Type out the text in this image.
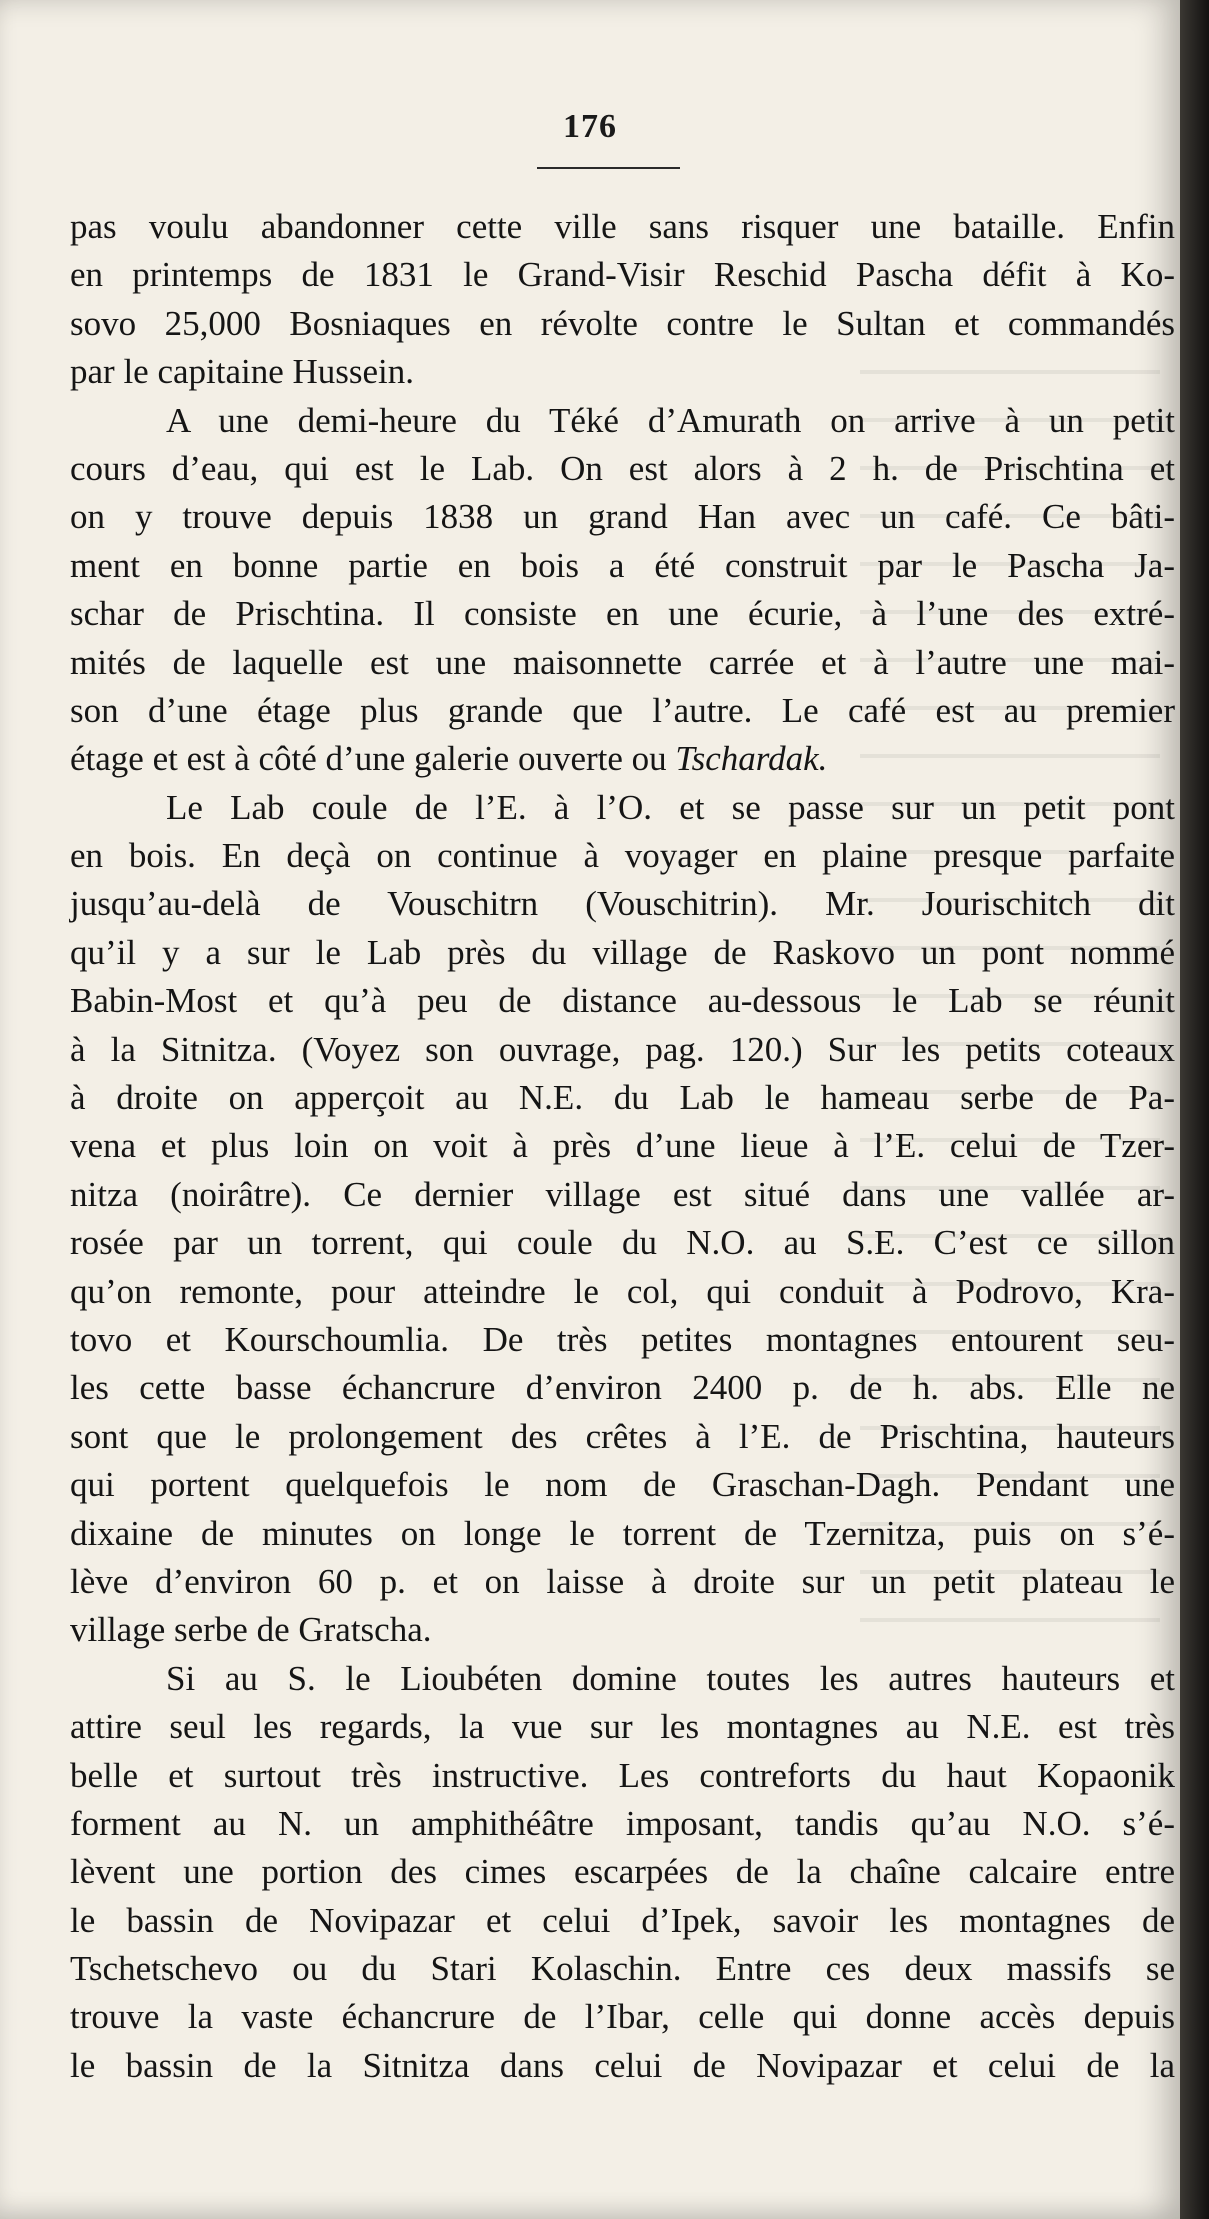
176
pas voulu abandonner cette ville sans risquer une bataille. Enfin
en printemps de 1831 le Grand-Visir Reschid Pascha défit à Ko-
sovo 25,000 Bosniaques en révolte contre le Sultan et commandés
par le capitaine Hussein.
A une demi-heure du Téké d’Amurath on arrive à un petit
cours d’eau, qui est le Lab. On est alors à 2 h. de Prischtina et
on y trouve depuis 1838 un grand Han avec un café. Ce bâti-
ment en bonne partie en bois a été construit par le Pascha Ja-
schar de Prischtina. Il consiste en une écurie, à l’une des extré-
mités de laquelle est une maisonnette carrée et à l’autre une mai-
son d’une étage plus grande que l’autre. Le café est au premier
étage et est à côté d’une galerie ouverte ou Tschardak.
Le Lab coule de l’E. à l’O. et se passe sur un petit pont
en bois. En deçà on continue à voyager en plaine presque parfaite
jusqu’au-delà de Vouschitrn (Vouschitrin). Mr. Jourischitch dit
qu’il y a sur le Lab près du village de Raskovo un pont nommé
Babin-Most et qu’à peu de distance au-dessous le Lab se réunit
à la Sitnitza. (Voyez son ouvrage, pag. 120.) Sur les petits coteaux
à droite on apperçoit au N.E. du Lab le hameau serbe de Pa-
vena et plus loin on voit à près d’une lieue à l’E. celui de Tzer-
nitza (noirâtre). Ce dernier village est situé dans une vallée ar-
rosée par un torrent, qui coule du N.O. au S.E. C’est ce sillon
qu’on remonte, pour atteindre le col, qui conduit à Podrovo, Kra-
tovo et Kourschoumlia. De très petites montagnes entourent seu-
les cette basse échancrure d’environ 2400 p. de h. abs. Elle ne
sont que le prolongement des crêtes à l’E. de Prischtina, hauteurs
qui portent quelquefois le nom de Graschan-Dagh. Pendant une
dixaine de minutes on longe le torrent de Tzernitza, puis on s’é-
lève d’environ 60 p. et on laisse à droite sur un petit plateau le
village serbe de Gratscha.
Si au S. le Lioubéten domine toutes les autres hauteurs et
attire seul les regards, la vue sur les montagnes au N.E. est très
belle et surtout très instructive. Les contreforts du haut Kopaonik
forment au N. un amphithéâtre imposant, tandis qu’au N.O. s’é-
lèvent une portion des cimes escarpées de la chaîne calcaire entre
le bassin de Novipazar et celui d’Ipek, savoir les montagnes de
Tschetschevo ou du Stari Kolaschin. Entre ces deux massifs se
trouve la vaste échancrure de l’Ibar, celle qui donne accès depuis
le bassin de la Sitnitza dans celui de Novipazar et celui de la
